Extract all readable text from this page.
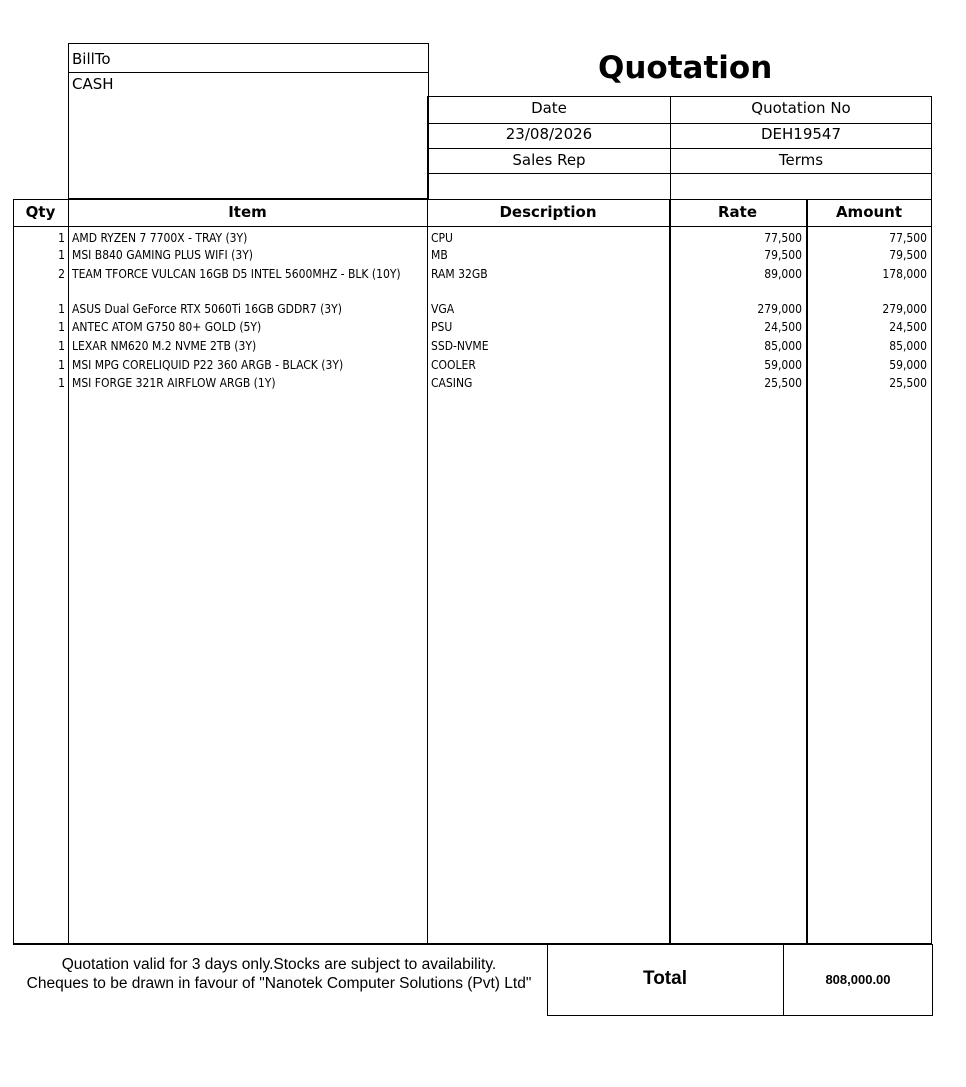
BillTo
CASH	Quotation
Date	Quotation No
23/08/2026	DEH19547
Sales Rep	Terms
Qty	Item	Description	Rate	Amount
1 AMD RYZEN 7 7700X - TRAY (3Y)	CPU	77,500	77,500
1 MSI B840 GAMING PLUS WIFI (3Y)	MB	79,500	79,500
2 TEAM TFORCE VULCAN 16GB D5 INTEL 5600MHZ - BLK (10Y)	RAM 32GB	89,000	178,000
1 ASUS Dual GeForce RTX 5060Ti 16GB GDDR7 (3Y)	VGA	279,000	279,000
1 ANTEC ATOM G750 80+ GOLD (5Y)	PSU	24,500	24,500
1 LEXAR NM620 M.2 NVME 2TB (3Y)	SSD-NVME	85,000	85,000
1 MSI MPG CORELIQUID P22 360 ARGB - BLACK (3Y)	COOLER	59,000	59,000
1 MSI FORGE 321R AIRFLOW ARGB (1Y)	CASING	25,500	25,500
Quotation valid for 3 days only.Stocks are subject to availability.
Cheques to be drawn in favour of "Nanotek Computer Solutions (Pvt) Ltd"	Total	808,000.00
